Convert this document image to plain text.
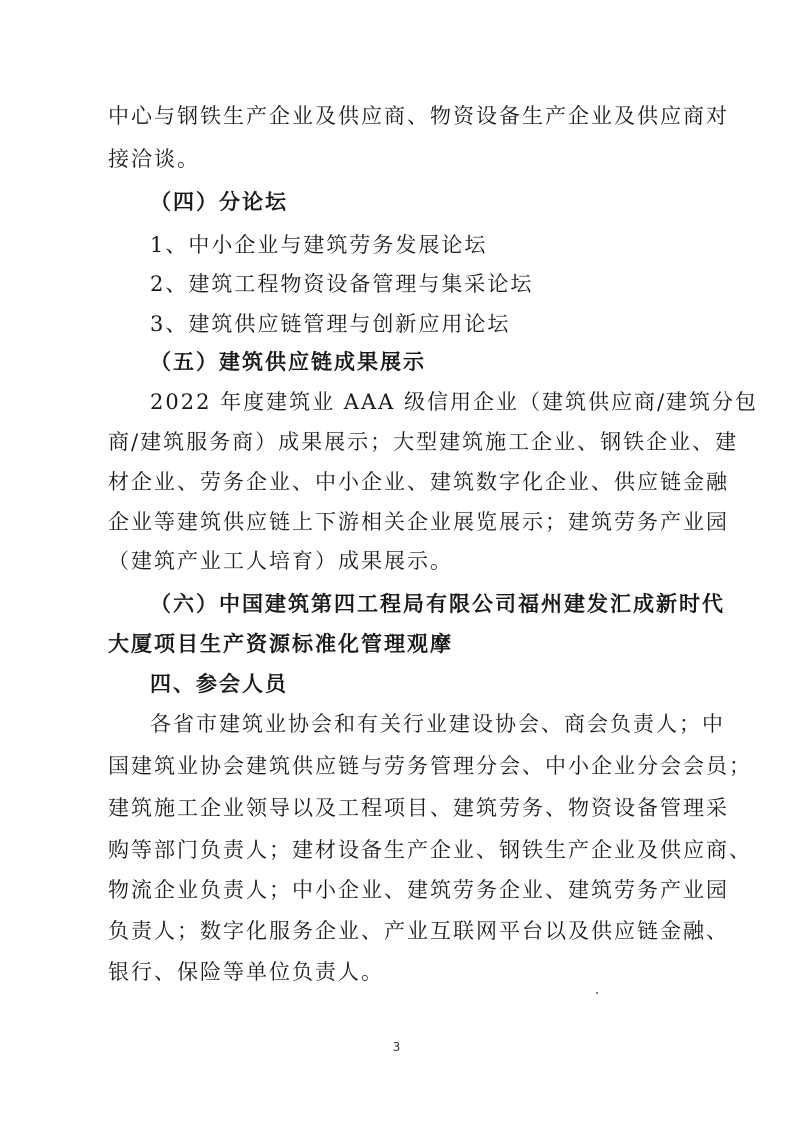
中心与钢铁生产企业及供应商、物资设备生产企业及供应商对
接洽谈。
（四）分论坛
1、中小企业与建筑劳务发展论坛
2、建筑工程物资设备管理与集采论坛
3、建筑供应链管理与创新应用论坛
（五）建筑供应链成果展示
2022 年度建筑业 AAA 级信用企业（建筑供应商/建筑分包
商/建筑服务商）成果展示；大型建筑施工企业、钢铁企业、建
材企业、劳务企业、中小企业、建筑数字化企业、供应链金融
企业等建筑供应链上下游相关企业展览展示；建筑劳务产业园
（建筑产业工人培育）成果展示。
（六）中国建筑第四工程局有限公司福州建发汇成新时代
大厦项目生产资源标准化管理观摩
四、参会人员
各省市建筑业协会和有关行业建设协会、商会负责人；中
国建筑业协会建筑供应链与劳务管理分会、中小企业分会会员；
建筑施工企业领导以及工程项目、建筑劳务、物资设备管理采
购等部门负责人；建材设备生产企业、钢铁生产企业及供应商、
物流企业负责人；中小企业、建筑劳务企业、建筑劳务产业园
负责人；数字化服务企业、产业互联网平台以及供应链金融、
银行、保险等单位负责人。
3
